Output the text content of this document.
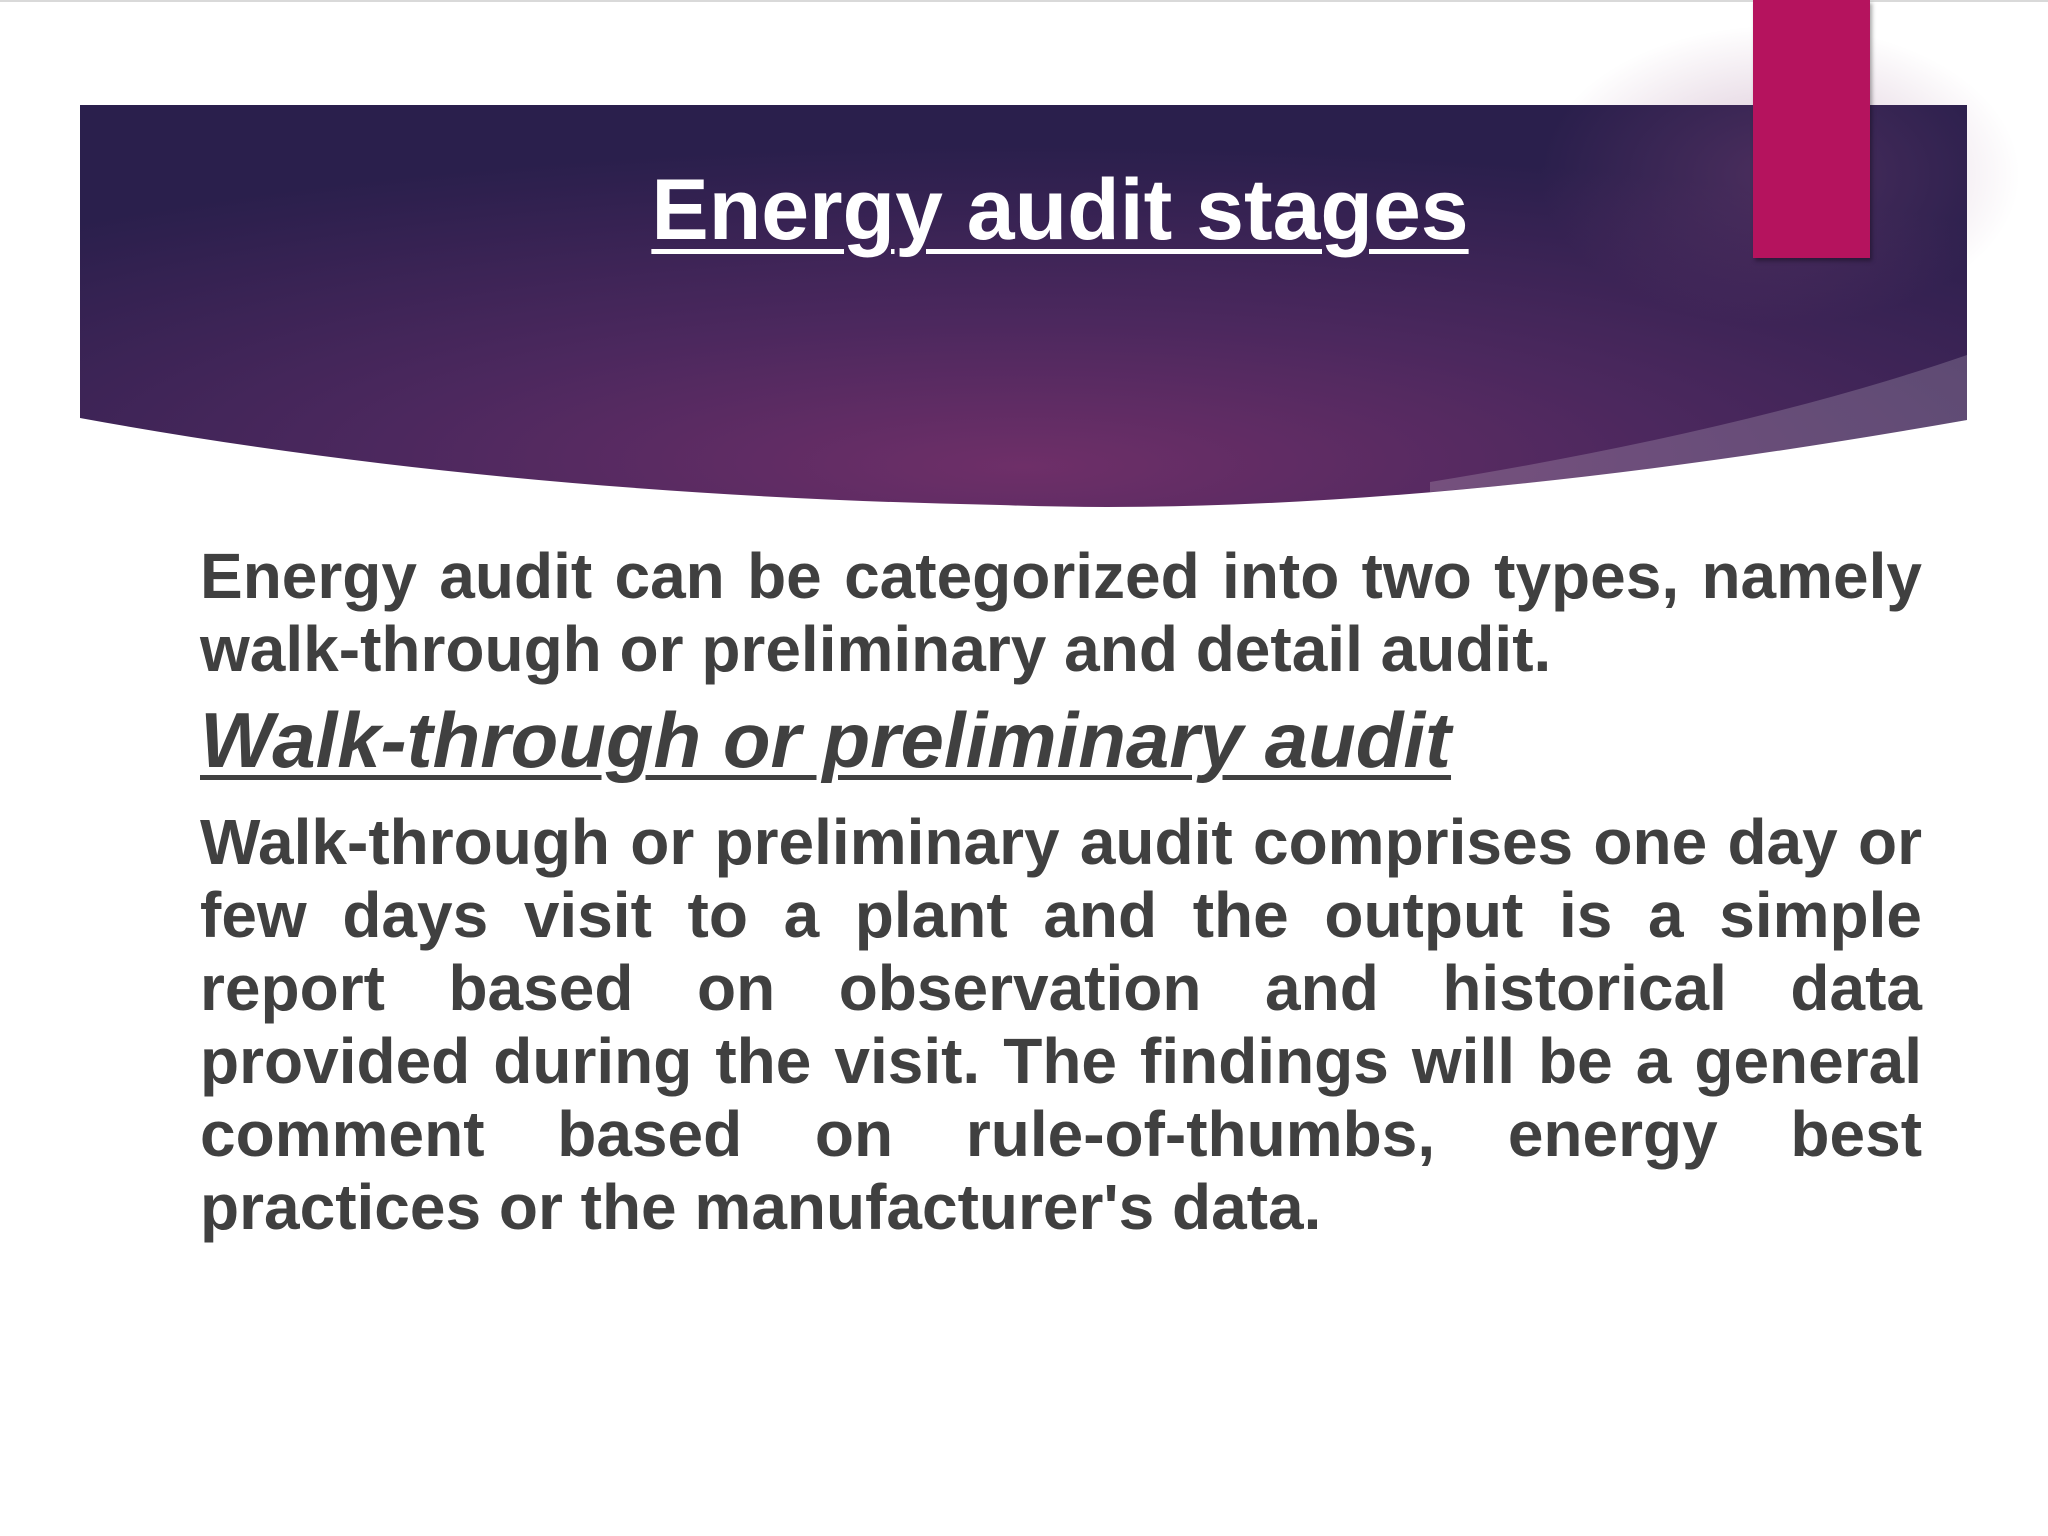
Energy audit stages

Energy audit can be categorized into two types, namely walk-through or preliminary and detail audit.

Walk-through or preliminary audit

Walk-through or preliminary audit comprises one day or few days visit to a plant and the output is a simple report based on observation and historical data provided during the visit. The findings will be a general comment based on rule-of-thumbs, energy best practices or the manufacturer's data.
